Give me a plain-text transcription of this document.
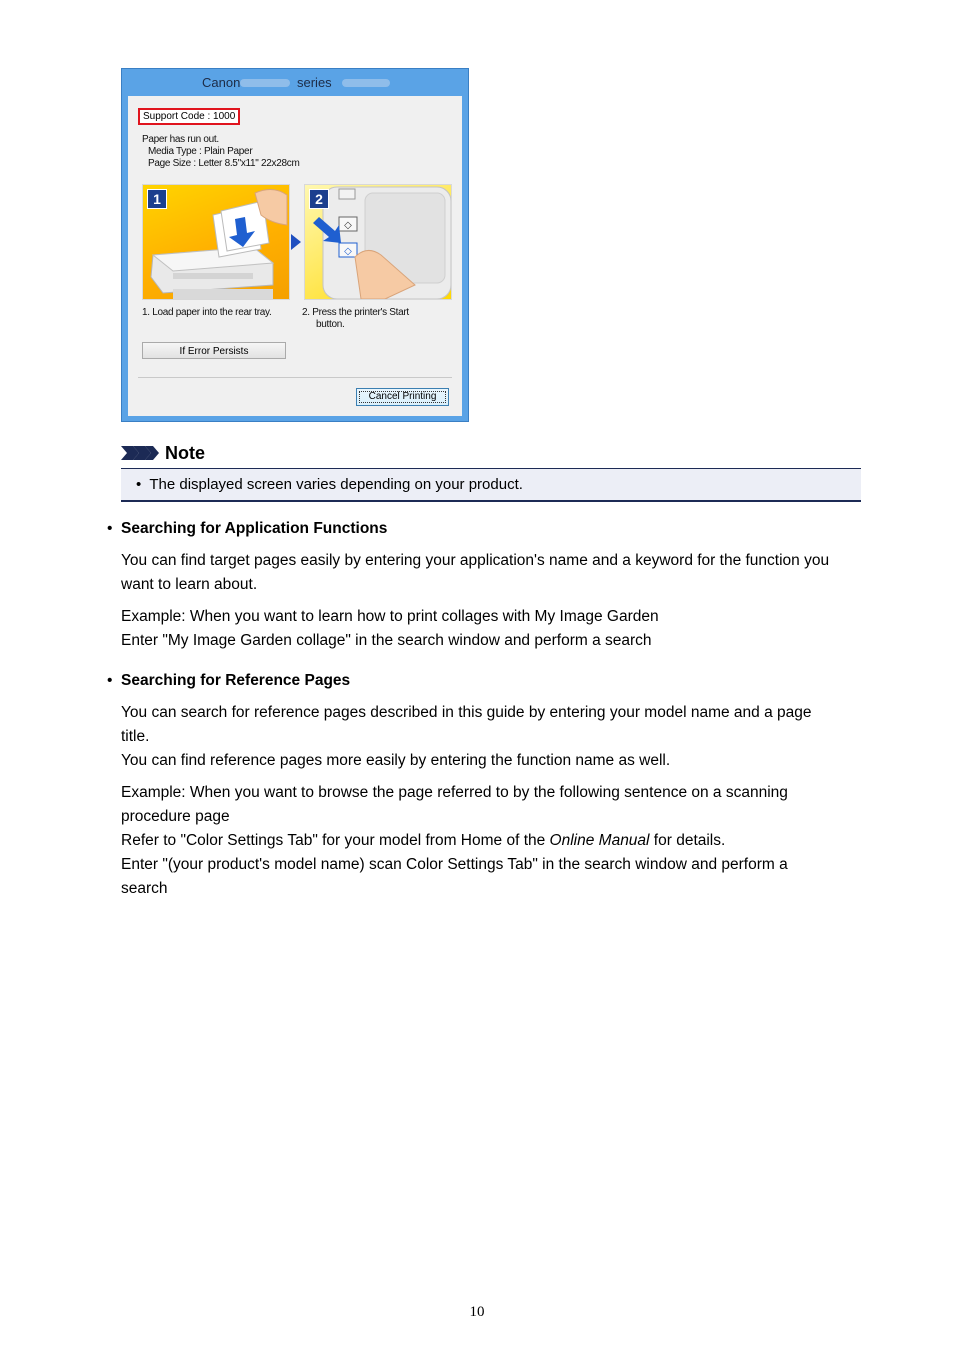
Canon	series
Support Code : 1000
Paper has run out.
Media Type : Plain Paper
Page Size : Letter 8.5"x11" 22x28cm
1
◇
◇
2
1. Load paper into the rear tray.	2. Press the printer's Start
button.
If Error Persists
Cancel Printing
Note
• The displayed screen varies depending on your product.
• Searching for Application Functions
You can find target pages easily by entering your application's name and a keyword for the function you
want to learn about.
Example: When you want to learn how to print collages with My Image Garden
Enter "My Image Garden collage" in the search window and perform a search
• Searching for Reference Pages
You can search for reference pages described in this guide by entering your model name and a page
title.
You can find reference pages more easily by entering the function name as well.
Example: When you want to browse the page referred to by the following sentence on a scanning
procedure page
Refer to "Color Settings Tab" for your model from Home of the Online Manual for details.
Enter "(your product's model name) scan Color Settings Tab" in the search window and perform a
search
10
